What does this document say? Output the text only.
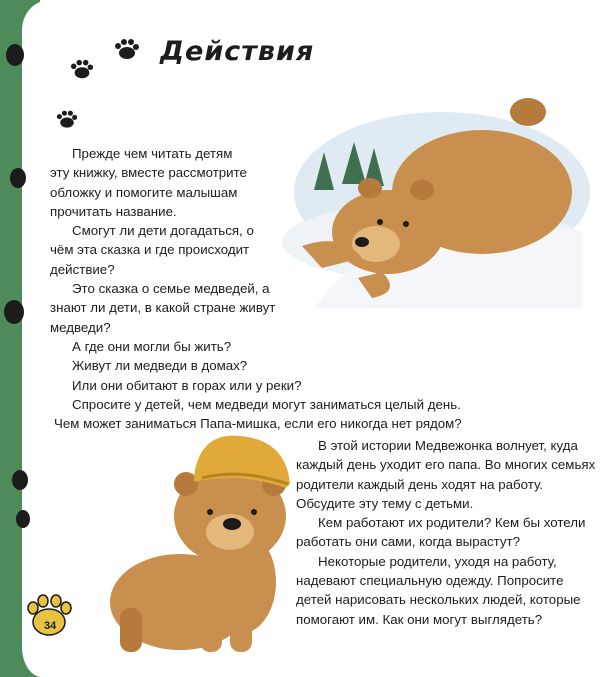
Действия

Прежде чем читать детям эту книжку, вместе рассмотрите обложку и помогите малышам прочитать название.

Смогут ли дети догадаться, о чём эта сказка и где происходит действие?

Это сказка о семье медведей, а знают ли дети, в какой стране живут медведи?

А где они могли бы жить?

Живут ли медведи в домах?

Или они обитают в горах или у реки?

Спросите у детей, чем медведи могут заниматься целый день.

Чем может заниматься Папа-мишка, если его никогда нет рядом?

В этой истории Медвежонка волнует, куда каждый день уходит его папа. Во многих семьях родители каждый день ходят на работу. Обсудите эту тему с детьми.

Кем работают их родители? Кем бы хотели работать они сами, когда вырастут?

Некоторые родители, уходя на работу, надевают специальную одежду. Попросите детей нарисовать нескольких людей, которые помогают им. Как они могут выглядеть?

34
